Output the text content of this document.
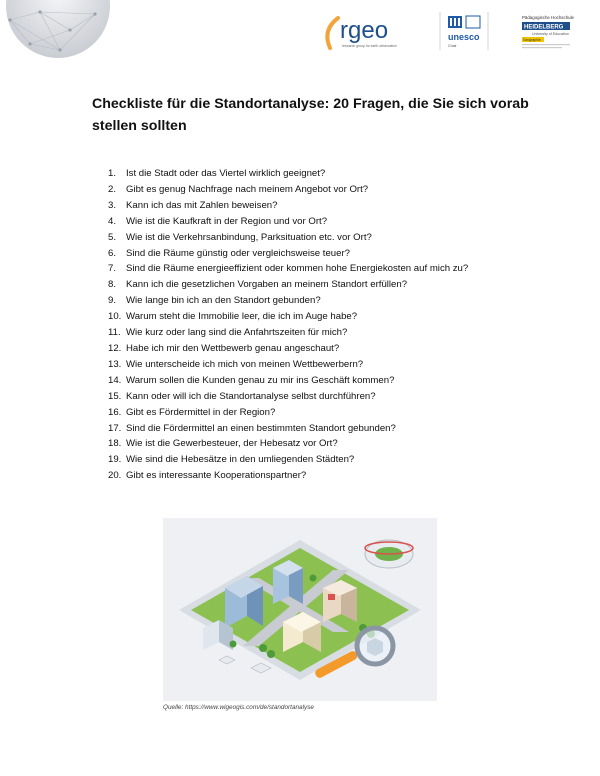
rgeo
research group for earth observation
unesco
Chair
Pädagogische Hochschule
HEIDELBERG
University of Education
Geographie
Checkliste für die Standortanalyse: 20 Fragen, die Sie sich vorab stellen sollten
1.	Ist die Stadt oder das Viertel wirklich geeignet?
2.	Gibt es genug Nachfrage nach meinem Angebot vor Ort?
3.	Kann ich das mit Zahlen beweisen?
4.	Wie ist die Kaufkraft in der Region und vor Ort?
5.	Wie ist die Verkehrsanbindung, Parksituation etc. vor Ort?
6.	Sind die Räume günstig oder vergleichsweise teuer?
7.	Sind die Räume energieeffizient oder kommen hohe Energiekosten auf mich zu?
8.	Kann ich die gesetzlichen Vorgaben an meinem Standort erfüllen?
9.	Wie lange bin ich an den Standort gebunden?
10. Warum steht die Immobilie leer, die ich im Auge habe?
11. Wie kurz oder lang sind die Anfahrtszeiten für mich?
12. Habe ich mir den Wettbewerb genau angeschaut?
13. Wie unterscheide ich mich von meinen Wettbewerbern?
14. Warum sollen die Kunden genau zu mir ins Geschäft kommen?
15. Kann oder will ich die Standortanalyse selbst durchführen?
16. Gibt es Fördermittel in der Region?
17. Sind die Fördermittel an einen bestimmten Standort gebunden?
18. Wie ist die Gewerbesteuer, der Hebesatz vor Ort?
19. Wie sind die Hebesätze in den umliegenden Städten?
20. Gibt es interessante Kooperationspartner?
Quelle: https://www.wigeogis.com/de/standortanalyse
